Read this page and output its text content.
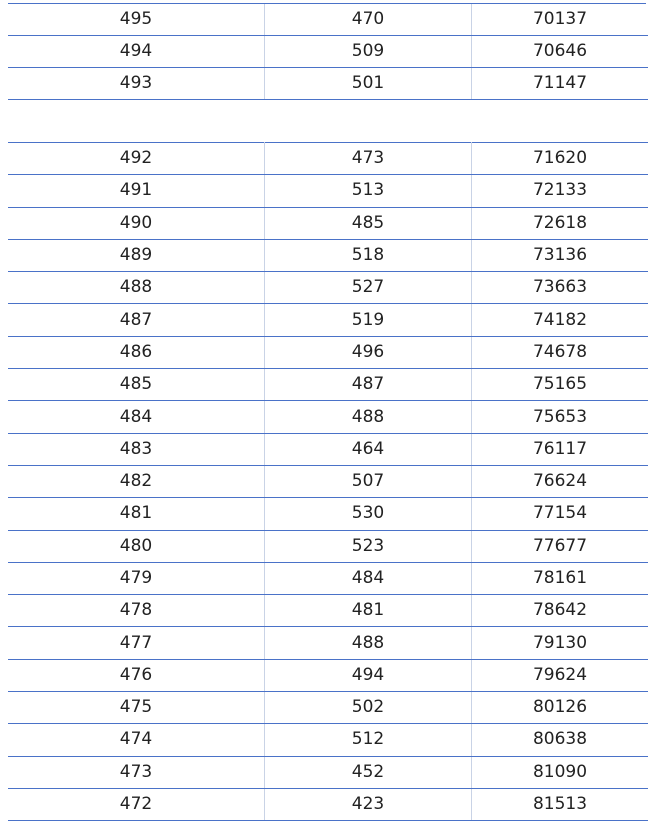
495	470	70137
494	509	70646
493	501	71147
492	473	71620
491	513	72133
490	485	72618
489	518	73136
488	527	73663
487	519	74182
486	496	74678
485	487	75165
484	488	75653
483	464	76117
482	507	76624
481	530	77154
480	523	77677
479	484	78161
478	481	78642
477	488	79130
476	494	79624
475	502	80126
474	512	80638
473	452	81090
472	423	81513
